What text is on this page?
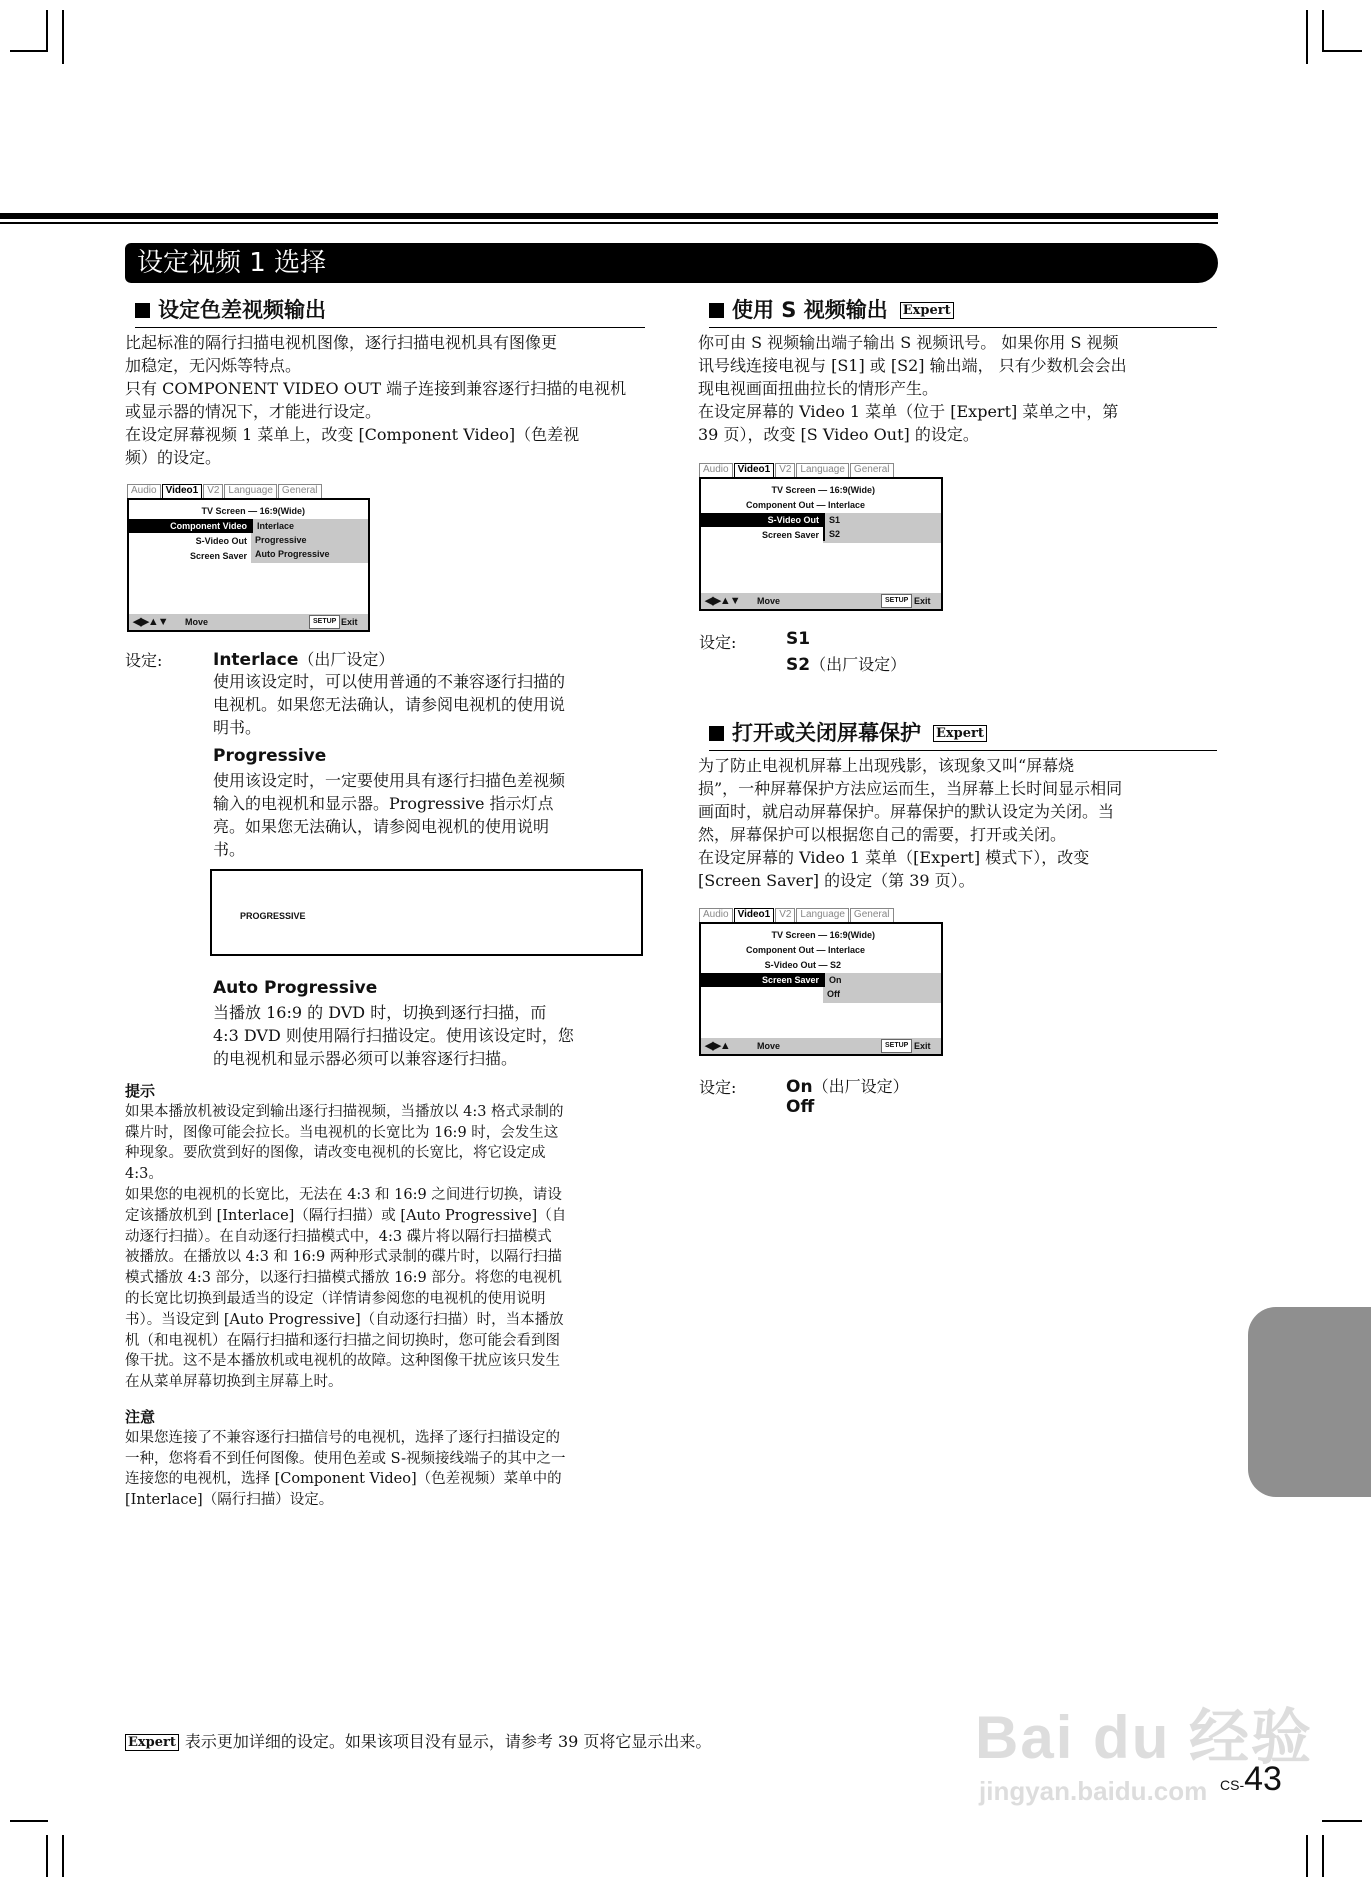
设定视频 1 选择
设定色差视频输出

比起标准的隔行扫描电视机图像，逐行扫描电视机具有图像更

加稳定，无闪烁等特点。

只有 COMPONENT VIDEO OUT 端子连接到兼容逐行扫描的电视机

或显示器的情况下，才能进行设定。

在设定屏幕视频 1 菜单上，改变 [Component Video]（色差视

频）的设定。

Audio Video1 V2 Language General
TV Screen — 16:9(Wide)
Component Video
S-Video Out
Screen Saver
Interlace
Progressive
Auto Progressive
◀▶▲▼ Move	SETUP Exit
设定:	Interlace（出厂设定）
使用该设定时，可以使用普通的不兼容逐行扫描的
电视机。如果您无法确认，请参阅电视机的使用说
明书。
Progressive
使用该设定时，一定要使用具有逐行扫描色差视频
输入的电视机和显示器。Progressive 指示灯点
亮。如果您无法确认，请参阅电视机的使用说明
书。
PROGRESSIVE
Auto Progressive
当播放 16:9 的 DVD 时，切换到逐行扫描，而
4:3 DVD 则使用隔行扫描设定。使用该设定时，您
的电视机和显示器必须可以兼容逐行扫描。

提示

如果本播放机被设定到输出逐行扫描视频，当播放以 4:3 格式录制的

碟片时，图像可能会拉长。当电视机的长宽比为 16:9 时，会发生这

种现象。要欣赏到好的图像，请改变电视机的长宽比，将它设定成

4:3。

如果您的电视机的长宽比，无法在 4:3 和 16:9 之间进行切换，请设

定该播放机到 [Interlace]（隔行扫描）或 [Auto Progressive]（自

动逐行扫描）。在自动逐行扫描模式中，4:3 碟片将以隔行扫描模式

被播放。在播放以 4:3 和 16:9 两种形式录制的碟片时，以隔行扫描

模式播放 4:3 部分，以逐行扫描模式播放 16:9 部分。将您的电视机

的长宽比切换到最适当的设定（详情请参阅您的电视机的使用说明

书）。当设定到 [Auto Progressive]（自动逐行扫描）时，当本播放

机（和电视机）在隔行扫描和逐行扫描之间切换时，您可能会看到图

像干扰。这不是本播放机或电视机的故障。这种图像干扰应该只发生

在从菜单屏幕切换到主屏幕上时。

注意

如果您连接了不兼容逐行扫描信号的电视机，选择了逐行扫描设定的

一种，您将看不到任何图像。使用色差或 S-视频接线端子的其中之一

连接您的电视机，选择 [Component Video]（色差视频）菜单中的

[Interlace]（隔行扫描）设定。

使用 S 视频输出 Expert

你可由 S 视频输出端子输出 S 视频讯号。 如果你用 S 视频

讯号线连接电视与 [S1] 或 [S2] 输出端， 只有少数机会会出

现电视画面扭曲拉长的情形产生。

在设定屏幕的 Video 1 菜单（位于 [Expert] 菜单之中，第

39 页），改变 [S Video Out] 的设定。

Audio Video1 V2 Language General
TV Screen — 16:9(Wide)
Component Out — Interlace
S-Video Out
Screen Saver
S1
S2
◀▶▲▼ Move	SETUP Exit
设定:	S1
S2（出厂设定）
打开或关闭屏幕保护 Expert

为了防止电视机屏幕上出现残影，该现象又叫“屏幕烧

损”，一种屏幕保护方法应运而生，当屏幕上长时间显示相同

画面时，就启动屏幕保护。屏幕保护的默认设定为关闭。当

然，屏幕保护可以根据您自己的需要，打开或关闭。

在设定屏幕的 Video 1 菜单（[Expert] 模式下），改变

[Screen Saver] 的设定（第 39 页）。

Audio Video1 V2 Language General
TV Screen — 16:9(Wide)
Component Out — Interlace
S-Video Out — S2
Screen Saver	On
Off
◀▶▲	Move	SETUP Exit
设定:	On（出厂设定）
Off
Expert 表示更加详细的设定。如果该项目没有显示，请参考 39 页将它显示出来。	Bai du 经验
jingyan.baidu.com CS-43
